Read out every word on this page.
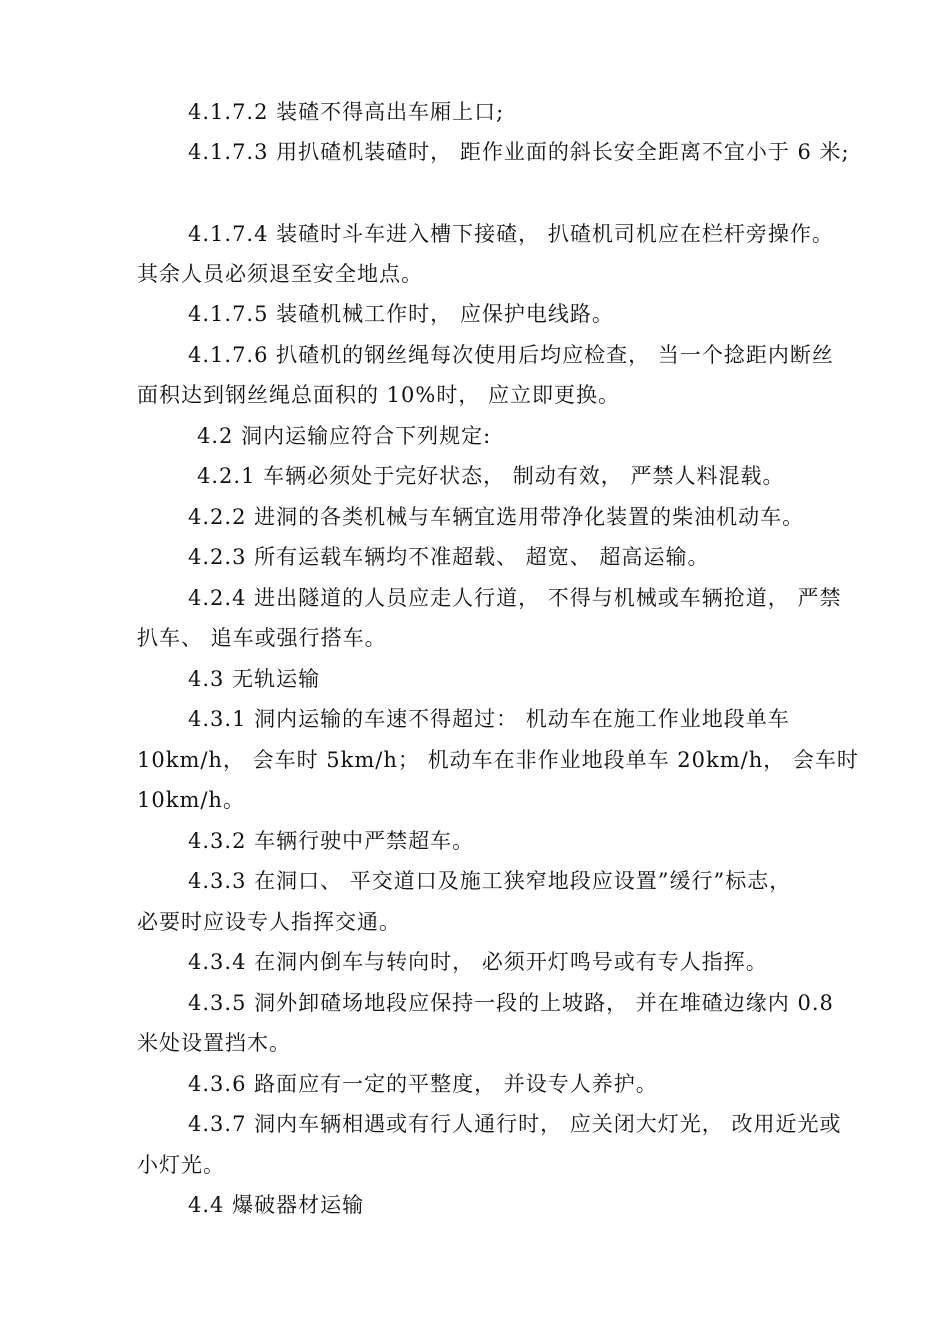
4.1.7.2 装碴不得高出车厢上口;
4.1.7.3 用扒碴机装碴时， 距作业面的斜长安全距离不宜小于 6 米;
4.1.7.4 装碴时斗车进入槽下接碴， 扒碴机司机应在栏杆旁操作。
其余人员必须退至安全地点。
4.1.7.5 装碴机械工作时， 应保护电线路。
4.1.7.6 扒碴机的钢丝绳每次使用后均应检查， 当一个捻距内断丝
面积达到钢丝绳总面积的 10%时， 应立即更换。
4.2 洞内运输应符合下列规定:
4.2.1 车辆必须处于完好状态， 制动有效， 严禁人料混载。
4.2.2 进洞的各类机械与车辆宜选用带净化装置的柴油机动车。
4.2.3 所有运载车辆均不准超载、 超宽、 超高运输。
4.2.4 进出隧道的人员应走人行道， 不得与机械或车辆抢道， 严禁
扒车、 追车或强行搭车。
4.3 无轨运输
4.3.1 洞内运输的车速不得超过： 机动车在施工作业地段单车
10km/h， 会车时 5km/h； 机动车在非作业地段单车 20km/h， 会车时
10km/h。
4.3.2 车辆行驶中严禁超车。
4.3.3 在洞口、 平交道口及施工狭窄地段应设置”缓行”标志，
必要时应设专人指挥交通。
4.3.4 在洞内倒车与转向时， 必须开灯鸣号或有专人指挥。
4.3.5 洞外卸碴场地段应保持一段的上坡路， 并在堆碴边缘内 0.8
米处设置挡木。
4.3.6 路面应有一定的平整度， 并设专人养护。
4.3.7 洞内车辆相遇或有行人通行时， 应关闭大灯光， 改用近光或
小灯光。
4.4 爆破器材运输
